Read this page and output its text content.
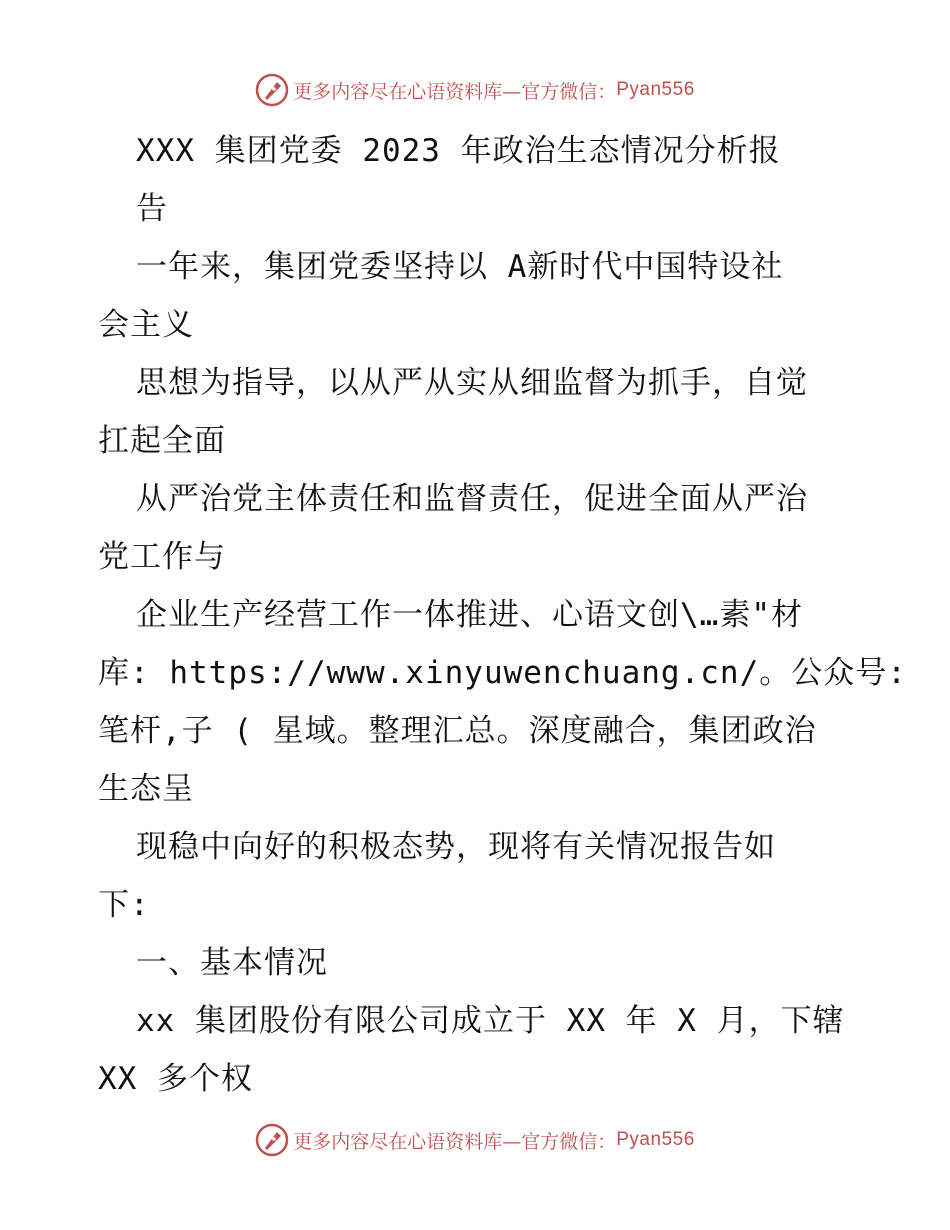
更多内容尽在心语资料库—官方微信： Pyan556
XXX 集团党委 2023 年政治生态情况分析报
告
一年来，集团党委坚持以 A新时代中国特设社
会主义
思想为指导，以从严从实从细监督为抓手，自觉
扛起全面
从严治党主体责任和监督责任，促进全面从严治
党工作与
企业生产经营工作一体推进、心语文创\…素"材
库: https://www.xinyuwenchuang.cn/。公众号:
笔杆,子 ( 星域。整理汇总。深度融合，集团政治
生态呈
现稳中向好的积极态势，现将有关情况报告如
下:
一、基本情况
xx 集团股份有限公司成立于 XX 年 X 月，下辖
XX 多个权
更多内容尽在心语资料库—官方微信： Pyan556
